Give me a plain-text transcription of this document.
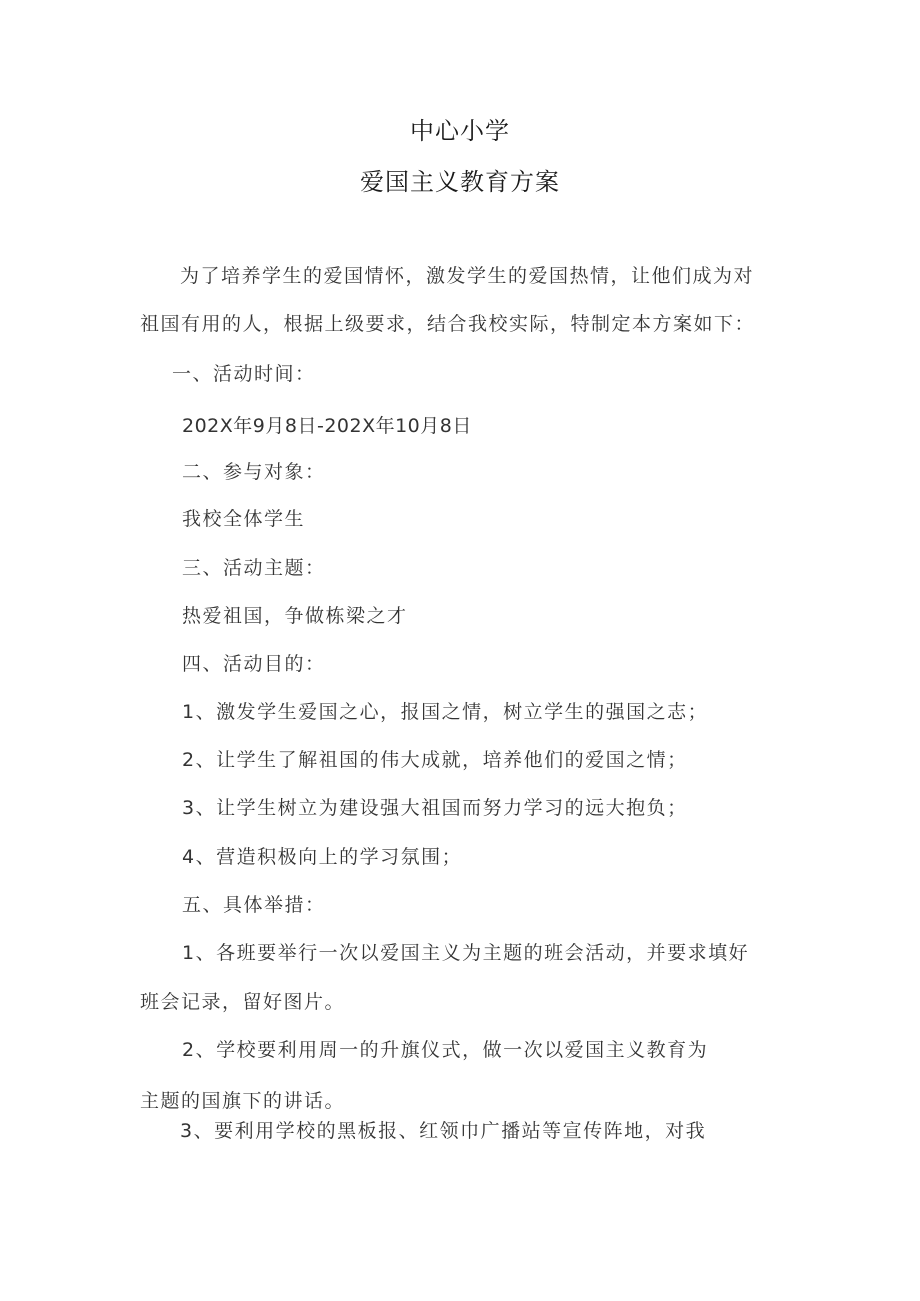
中心小学
爱国主义教育方案
为了培养学生的爱国情怀，激发学生的爱国热情，让他们成为对
祖国有用的人，根据上级要求，结合我校实际，特制定本方案如下：
一、活动时间：
202X年9月8日-202X年10月8日
二、参与对象：
我校全体学生
三、活动主题：
热爱祖国，争做栋梁之才
四、活动目的：
1、激发学生爱国之心，报国之情，树立学生的强国之志；
2、让学生了解祖国的伟大成就，培养他们的爱国之情；
3、让学生树立为建设强大祖国而努力学习的远大抱负；
4、营造积极向上的学习氛围；
五、具体举措：
1、各班要举行一次以爱国主义为主题的班会活动，并要求填好
班会记录，留好图片。
2、学校要利用周一的升旗仪式，做一次以爱国主义教育为
主题的国旗下的讲话。
3、要利用学校的黑板报、红领巾广播站等宣传阵地，对我
